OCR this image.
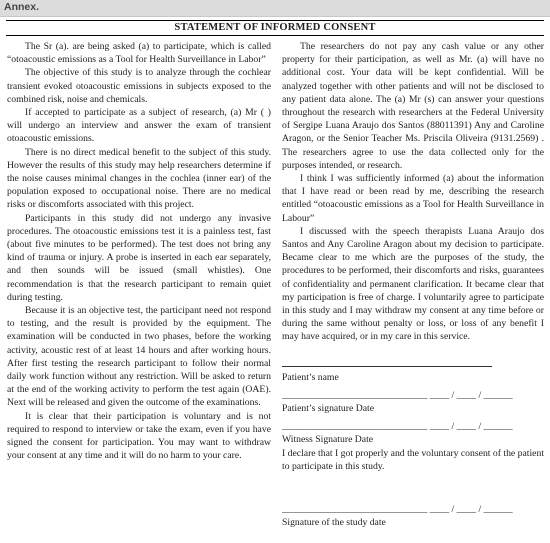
Annex.
STATEMENT OF INFORMED CONSENT

The Sr (a). are being asked (a) to participate, which is called “otoacoustic emissions as a Tool for Health Surveillance in Labor”

The objective of this study is to analyze through the cochlear transient evoked otoacoustic emissions in subjects exposed to the combined risk, noise and chemicals.

If accepted to participate as a subject of research, (a) Mr ( ) will undergo an interview and answer the exam of transient otoacoustic emissions.

There is no direct medical benefit to the subject of this study. However the results of this study may help researchers determine if the noise causes minimal changes in the cochlea (inner ear) of the population exposed to occupational noise. There are no medical risks or discomforts associated with this project.

Participants in this study did not undergo any invasive procedures. The otoacoustic emissions test it is a painless test, fast (about five minutes to be performed). The test does not bring any kind of trauma or injury. A probe is inserted in each ear separately, and then sounds will be issued (small whistles). One recommendation is that the research participant to remain quiet during testing.

Because it is an objective test, the participant need not respond to testing, and the result is provided by the equipment. The examination will be conducted in two phases, before the working activity, acoustic rest of at least 14 hours and after working hours. After first testing the research participant to follow their normal daily work function without any restriction. Will be asked to return at the end of the working activity to perform the test again (OAE). Next will be released and given the outcome of the examinations.

It is clear that their participation is voluntary and is not required to respond to interview or take the exam, even if you have signed the consent for participation. You may want to withdraw your consent at any time and it will do no harm to your care.

The researchers do not pay any cash value or any other property for their participation, as well as Mr. (a) will have no additional cost. Your data will be kept confidential. Will be analyzed together with other patients and will not be disclosed to any patient data alone. The (a) Mr (s) can answer your questions throughout the research with researchers at the Federal University of Sergipe Luana Araujo dos Santos (88011391) Any and Caroline Aragon, or the Senior Teacher Ms. Priscila Oliveira (9131.2569) . The researchers agree to use the data collected only for the purposes intended, or research.

I think I was sufficiently informed (a) about the information that I have read or been read by me, describing the research entitled “otoacoustic emissions as a Tool for Health Surveillance in Labour”

I discussed with the speech therapists Luana Araujo dos Santos and Any Caroline Aragon about my decision to participate. Became clear to me which are the purposes of the study, the procedures to be performed, their discomforts and risks, guarantees of confidentiality and permanent clarification. It became clear that my participation is free of charge. I voluntarily agree to participate in this study and I may withdraw my consent at any time before or during the same without penalty or loss, or loss of any benefit I may have acquired, or in my care in this service.

Patient’s name
______________________________ ____ / ____ / ______
Patient’s signature Date
______________________________ ____ / ____ / ______
Witness Signature Date
I declare that I got properly and the voluntary consent of the patient to participate in this study.
______________________________ ____ / ____ / ______
Signature of the study date
